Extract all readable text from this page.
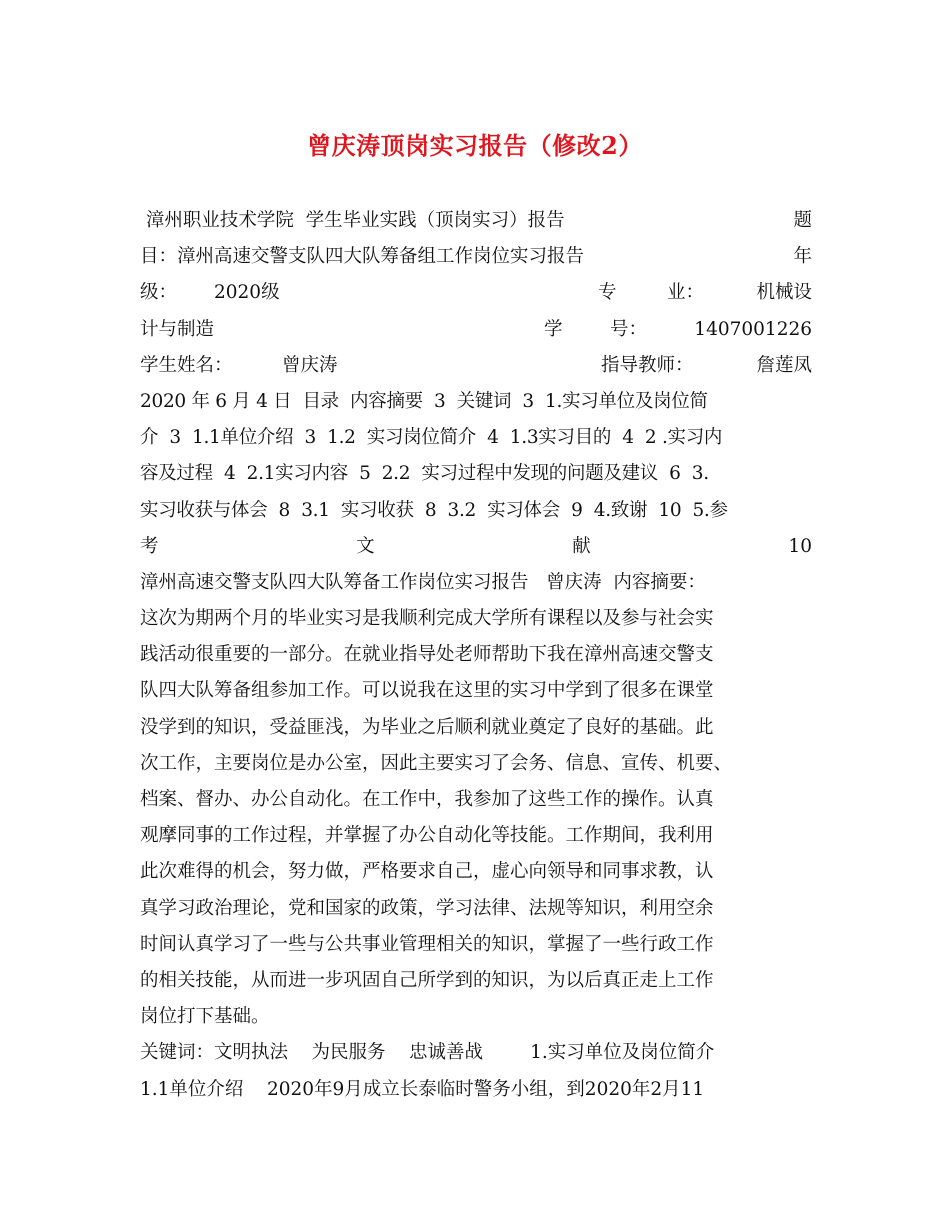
曾庆涛顶岗实习报告（修改2）
漳州职业技术学院  学生毕业实践（顶岗实习）报告	题
目：漳州高速交警支队四大队筹备组工作岗位实习报告	年
级： 2020级	专	业：	机械设
计与制造	学	号：	1407001226
学生姓名：	曾庆涛	指导教师：	詹莲凤
2020 年 6 月 4 日  目录  内容摘要  3  关键词  3  1.实习单位及岗位简
介  3  1.1单位介绍  3  1.2  实习岗位简介  4  1.3实习目的  4  2 .实习内
容及过程  4  2.1实习内容  5  2.2  实习过程中发现的问题及建议  6  3.
实习收获与体会  8  3.1  实习收获  8  3.2  实习体会  9  4.致谢  10  5.参
考	文	献	10
漳州高速交警支队四大队筹备工作岗位实习报告   曾庆涛  内容摘要：
这次为期两个月的毕业实习是我顺利完成大学所有课程以及参与社会实
践活动很重要的一部分。在就业指导处老师帮助下我在漳州高速交警支
队四大队筹备组参加工作。可以说我在这里的实习中学到了很多在课堂
没学到的知识，受益匪浅，为毕业之后顺利就业奠定了良好的基础。此
次工作，主要岗位是办公室，因此主要实习了会务、信息、宣传、机要、
档案、督办、办公自动化。在工作中，我参加了这些工作的操作。认真
观摩同事的工作过程，并掌握了办公自动化等技能。工作期间，我利用
此次难得的机会，努力做，严格要求自己，虚心向领导和同事求教，认
真学习政治理论，党和国家的政策，学习法律、法规等知识，利用空余
时间认真学习了一些与公共事业管理相关的知识，掌握了一些行政工作
的相关技能，从而进一步巩固自己所学到的知识，为以后真正走上工作
岗位打下基础。
关键词：文明执法    为民服务    忠诚善战        1.实习单位及岗位简介
1.1单位介绍    2020年9月成立长泰临时警务小组，到2020年2月11
